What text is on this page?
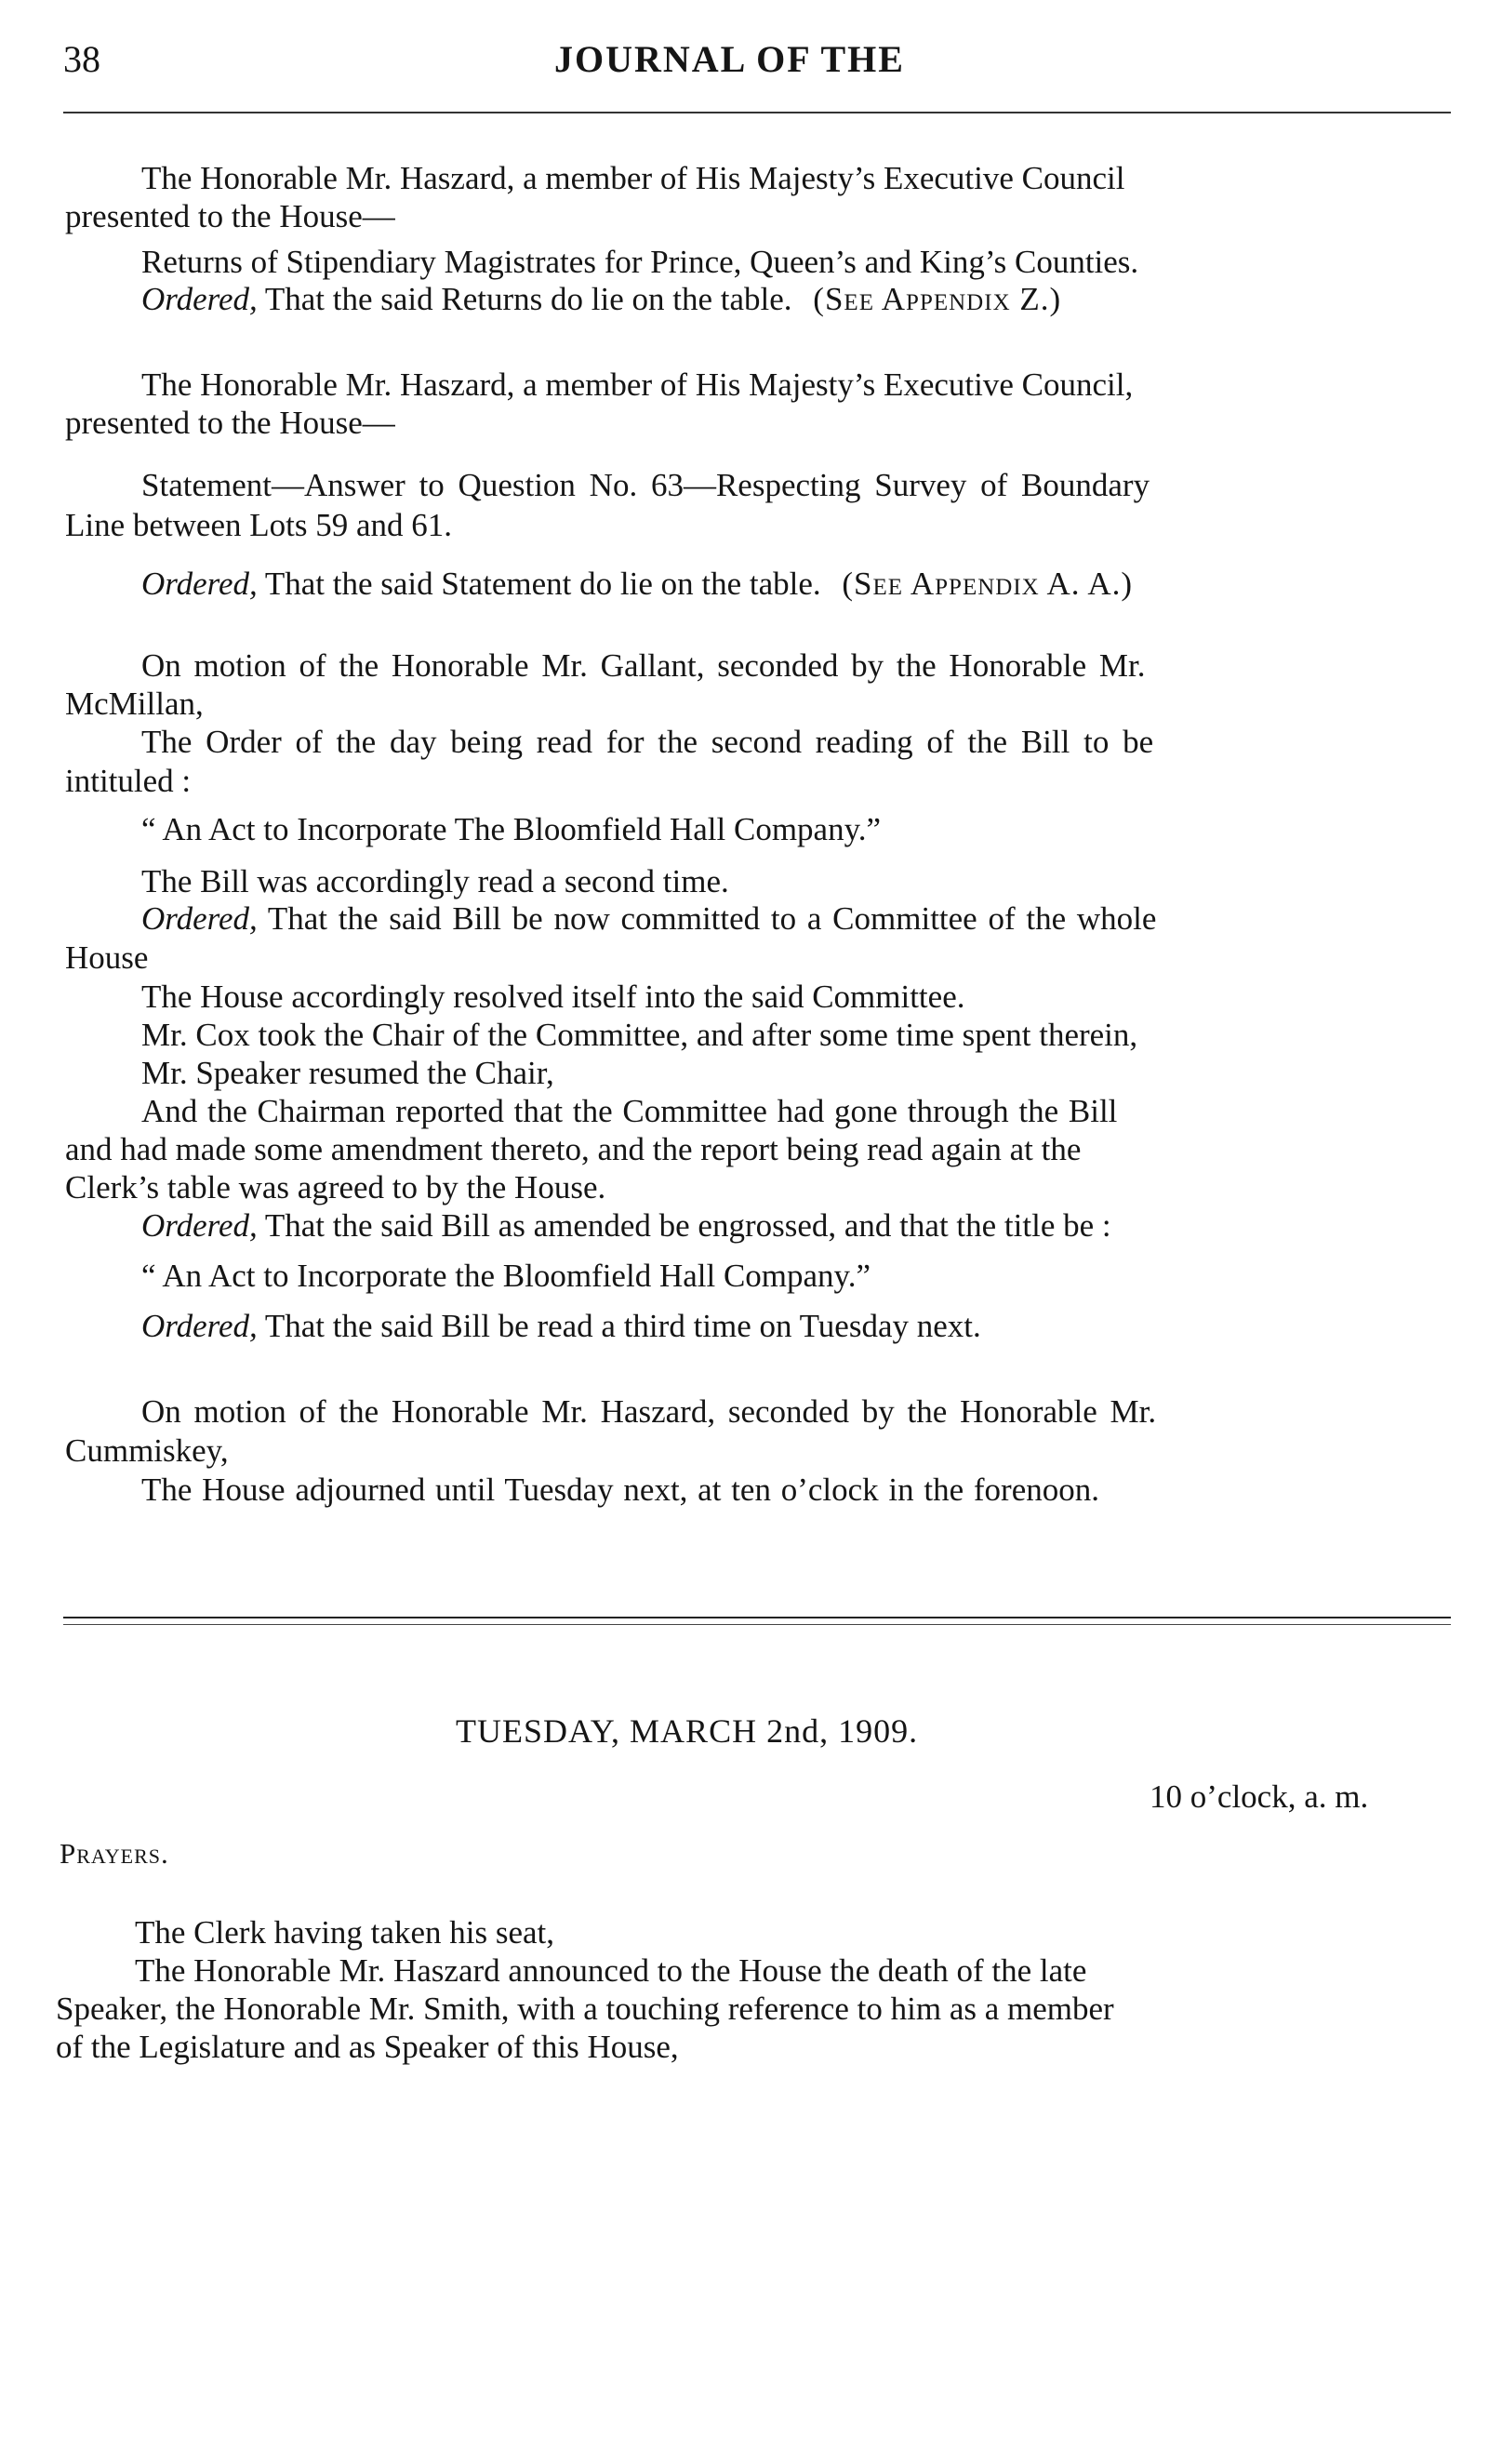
38	JOURNAL OF THE
The Honorable Mr. Haszard, a member of His Majesty’s Executive Council
presented to the House—
Returns of Stipendiary Magistrates for Prince, Queen’s and King’s Counties.
Ordered, That the said Returns do lie on the table. (See Appendix Z.)
The Honorable Mr. Haszard, a member of His Majesty’s Executive Council,
presented to the House—
Statement—Answer to Question No. 63—Respecting Survey of Boundary
Line between Lots 59 and 61.
Ordered, That the said Statement do lie on the table. (See Appendix A. A.)
On motion of the Honorable Mr. Gallant, seconded by the Honorable Mr.
McMillan,
The Order of the day being read for the second reading of the Bill to be
intituled :
“ An Act to Incorporate The Bloomfield Hall Company.”
The Bill was accordingly read a second time.
Ordered, That the said Bill be now committed to a Committee of the whole
House
The House accordingly resolved itself into the said Committee.
Mr. Cox took the Chair of the Committee, and after some time spent therein,
Mr. Speaker resumed the Chair,
And the Chairman reported that the Committee had gone through the Bill
and had made some amendment thereto, and the report being read again at the
Clerk’s table was agreed to by the House.
Ordered, That the said Bill as amended be engrossed, and that the title be :
“ An Act to Incorporate the Bloomfield Hall Company.”
Ordered, That the said Bill be read a third time on Tuesday next.
On motion of the Honorable Mr. Haszard, seconded by the Honorable Mr.
Cummiskey,
The House adjourned until Tuesday next, at ten o’clock in the forenoon.
TUESDAY, MARCH 2nd, 1909.
10 o’clock, a. m.
Prayers.
The Clerk having taken his seat,
The Honorable Mr. Haszard announced to the House the death of the late
Speaker, the Honorable Mr. Smith, with a touching reference to him as a member
of the Legislature and as Speaker of this House,
